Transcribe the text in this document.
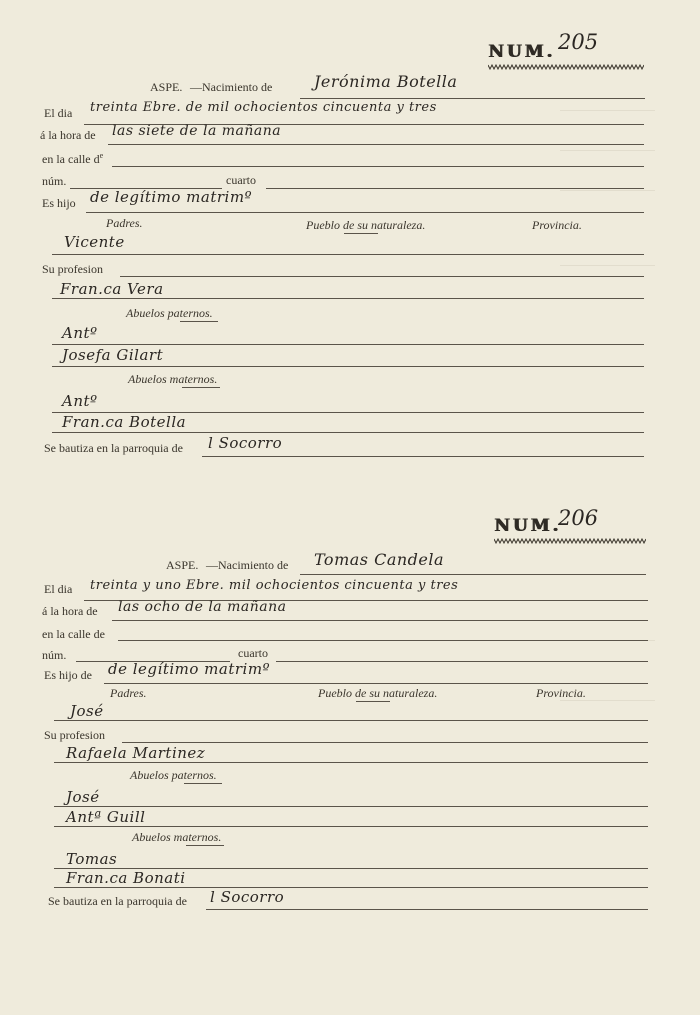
NUM. 205
ASPE. —Nacimiento de	Jerónima Botella
El dia treinta Ebre. de mil ochocientos cincuenta y tres
á la hora de las siete de la mañana
en la calle $d^e$
núm.	cuarto
Es hijo de legítimo matrimº
Padres.	Pueblo de su naturaleza.	Provincia.
Vicente
Su profesion
Fran.ca Vera
Abuelos paternos.
Antº
Josefa Gilart
Abuelos maternos.
Antº
Fran.ca Botella
Se bautiza en la parroquia de l Socorro
NUM.
206
ASPE. —Nacimiento de Tomas Candela
El dia treinta y uno Ebre. mil ochocientos cincuenta y tres
á la hora de las ocho de la mañana
en la calle de
núm.	cuarto
Es hijo de de legítimo matrimº
Padres.	Pueblo de su naturaleza.	Provincia.
José
Su profesion
Rafaela Martinez
Abuelos paternos.
José
Antª Guill
Abuelos maternos.
Tomas
Fran.ca Bonati
Se bautiza en la parroquia de l Socorro
